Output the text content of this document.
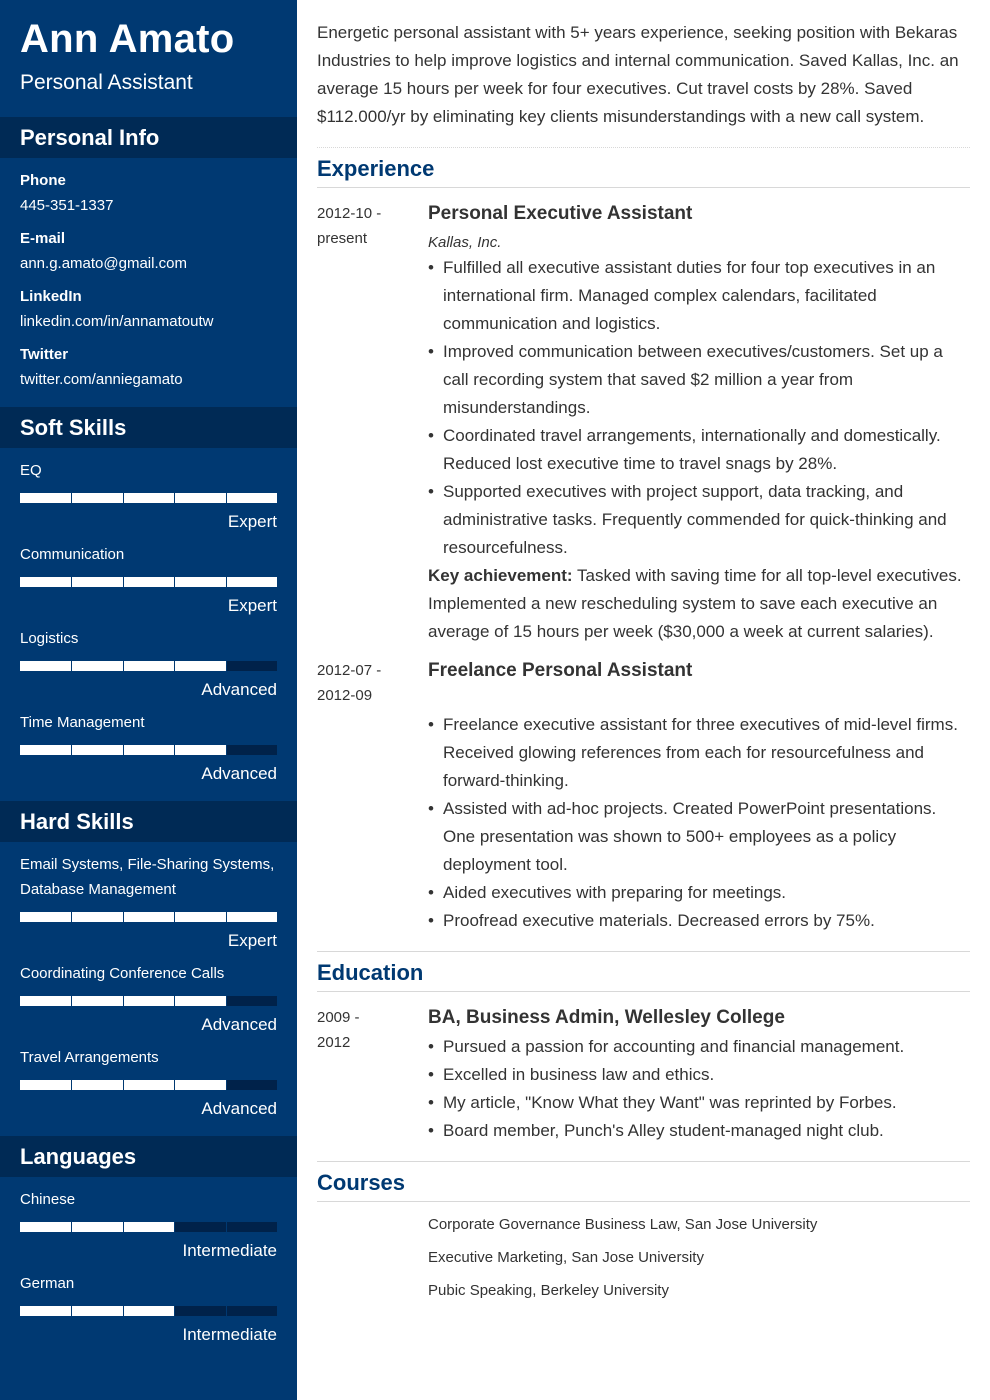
Ann Amato
Personal Assistant
Personal Info
Phone
445-351-1337
E-mail
ann.g.amato@gmail.com
LinkedIn
linkedin.com/in/annamatoutw
Twitter
twitter.com/anniegamato
Soft Skills
EQ
Expert
Communication
Expert
Logistics
Advanced
Time Management
Advanced
Hard Skills
Email Systems, File-Sharing Systems, Database Management
Expert
Coordinating Conference Calls
Advanced
Travel Arrangements
Advanced
Languages
Chinese
Intermediate
German
Intermediate
Energetic personal assistant with 5+ years experience, seeking position with Bekaras Industries to help improve logistics and internal communication. Saved Kallas, Inc. an average 15 hours per week for four executives. Cut travel costs by 28%. Saved $112.000/yr by eliminating key clients misunderstandings with a new call system.
Experience
2012-10 -
present
Personal Executive Assistant
Kallas, Inc.
• Fulfilled all executive assistant duties for four top executives in an international firm. Managed complex calendars, facilitated communication and logistics.
• Improved communication between executives/customers. Set up a call recording system that saved $2 million a year from misunderstandings.
• Coordinated travel arrangements, internationally and domestically. Reduced lost executive time to travel snags by 28%.
• Supported executives with project support, data tracking, and administrative tasks. Frequently commended for quick-thinking and resourcefulness.
Key achievement: Tasked with saving time for all top-level executives. Implemented a new rescheduling system to save each executive an average of 15 hours per week ($30,000 a week at current salaries).
2012-07 -
2012-09
Freelance Personal Assistant
• Freelance executive assistant for three executives of mid-level firms. Received glowing references from each for resourcefulness and forward-thinking.
• Assisted with ad-hoc projects. Created PowerPoint presentations. One presentation was shown to 500+ employees as a policy deployment tool.
• Aided executives with preparing for meetings.
• Proofread executive materials. Decreased errors by 75%.
Education
2009 -
2012
BA, Business Admin, Wellesley College
• Pursued a passion for accounting and financial management.
• Excelled in business law and ethics.
• My article, "Know What they Want" was reprinted by Forbes.
• Board member, Punch's Alley student-managed night club.
Courses
Corporate Governance Business Law, San Jose University
Executive Marketing, San Jose University
Pubic Speaking, Berkeley University
